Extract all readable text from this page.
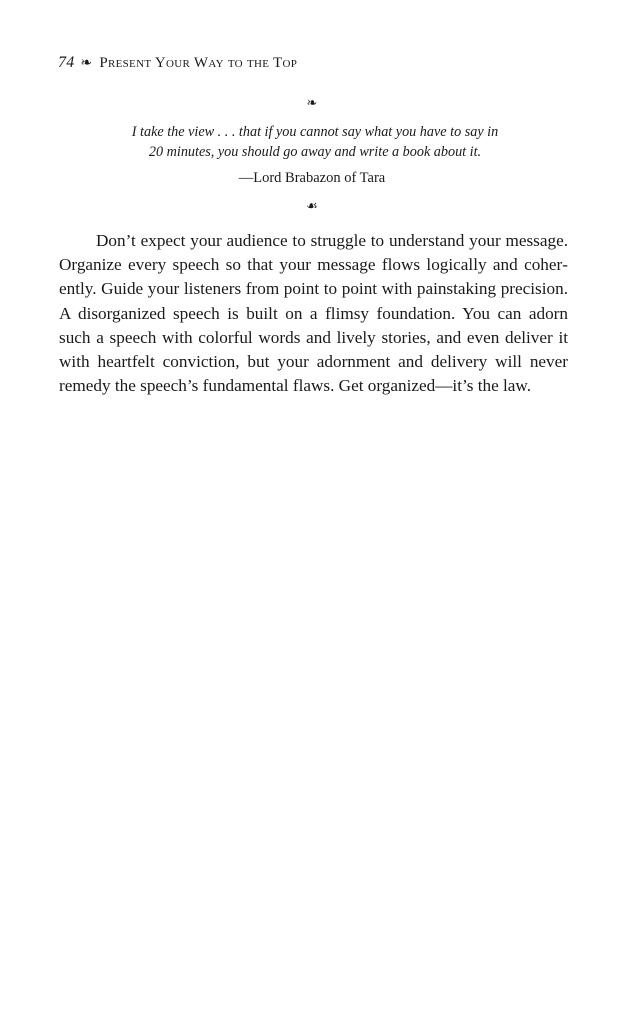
74 ❧ Present Your Way to the Top
❧

I take the view . . . that if you cannot say what you have to say in

20 minutes, you should go away and write a book about it.

—Lord Brabazon of Tara
☙

Don’t expect your audience to struggle to understand your message. Organize every speech so that your message flows logically and coherently. Guide your listeners from point to point with painstaking precision. A disorganized speech is built on a flimsy foundation. You can adorn such a speech with colorful words and lively stories, and even deliver it with heartfelt conviction, but your adornment and delivery will never remedy the speech’s fundamental flaws. Get organized—it’s the law.
